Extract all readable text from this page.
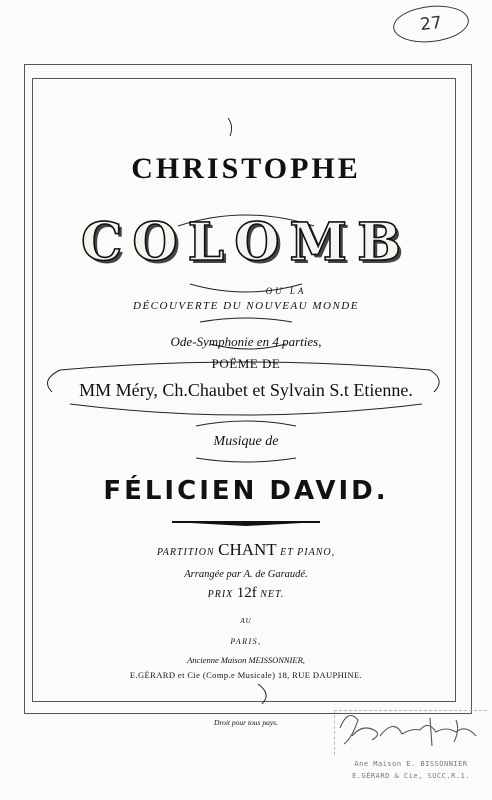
27
CHRISTOPHE
COLOMB
OU LA
DÉCOUVERTE DU NOUVEAU MONDE
Ode-Symphonie en 4 parties,
POËME DE
MM Méry, Ch.Chaubet et Sylvain S.t Etienne.
Musique de
FÉLICIEN DAVID.
PARTITION CHANT ET PIANO,
Arrangée par A. de Garaudé.
PRIX 12f NET.
AU
PARIS,
Ancienne Maison MEISSONNIER,
E.GÉRARD et Cie (Comp.e Musicale) 18, RUE DAUPHINE.
Droit pour tous pays.
Ane Maison E. BISSONNIER
E.GÉRARD & Cie, SUCC.R.1.
